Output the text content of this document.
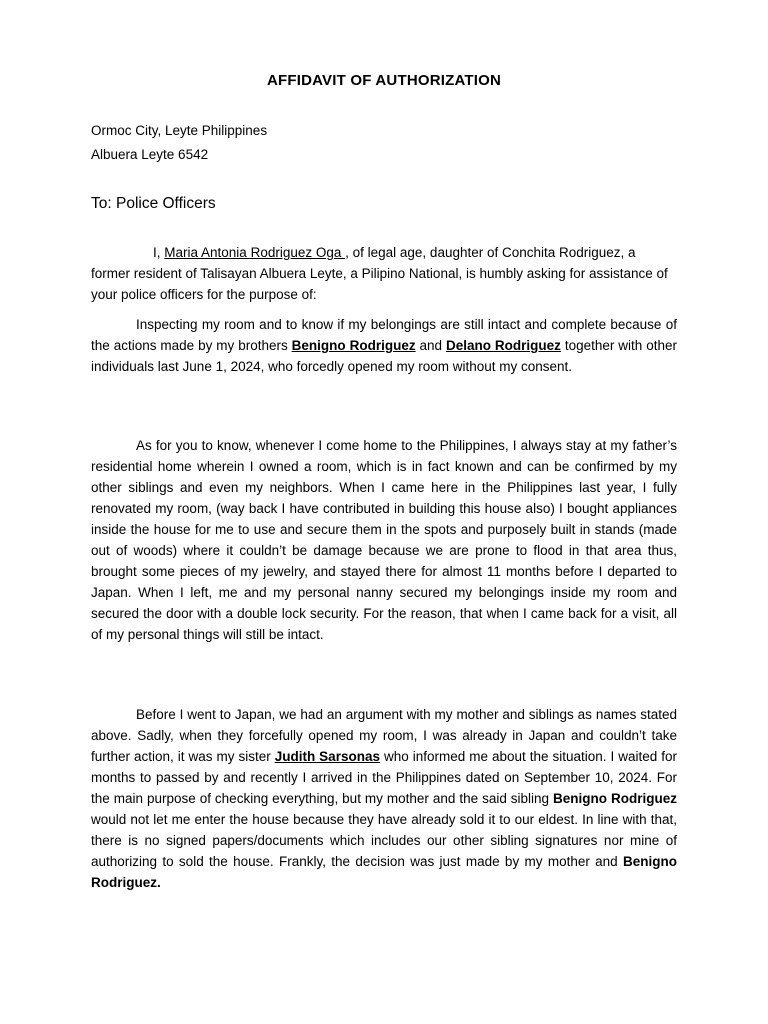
AFFIDAVIT OF AUTHORIZATION
Ormoc City, Leyte Philippines
Albuera Leyte 6542
To: Police Officers

I, Maria Antonia Rodriguez Oga , of legal age, daughter of Conchita Rodriguez, a former resident of Talisayan Albuera Leyte, a Pilipino National, is humbly asking for assistance of your police officers for the purpose of:

Inspecting my room and to know if my belongings are still intact and complete because of the actions made by my brothers Benigno Rodriguez and Delano Rodriguez together with other individuals last June 1, 2024, who forcedly opened my room without my consent.

As for you to know, whenever I come home to the Philippines, I always stay at my father’s residential home wherein I owned a room, which is in fact known and can be confirmed by my other siblings and even my neighbors. When I came here in the Philippines last year, I fully renovated my room, (way back I have contributed in building this house also) I bought appliances inside the house for me to use and secure them in the spots and purposely built in stands (made out of woods) where it couldn’t be damage because we are prone to flood in that area thus, brought some pieces of my jewelry, and stayed there for almost 11 months before I departed to Japan. When I left, me and my personal nanny secured my belongings inside my room and secured the door with a double lock security. For the reason, that when I came back for a visit, all of my personal things will still be intact.

Before I went to Japan, we had an argument with my mother and siblings as names stated above. Sadly, when they forcefully opened my room, I was already in Japan and couldn’t take further action, it was my sister Judith Sarsonas who informed me about the situation. I waited for months to passed by and recently I arrived in the Philippines dated on September 10, 2024. For the main purpose of checking everything, but my mother and the said sibling Benigno Rodriguez would not let me enter the house because they have already sold it to our eldest. In line with that, there is no signed papers/documents which includes our other sibling signatures nor mine of authorizing to sold the house. Frankly, the decision was just made by my mother and Benigno Rodriguez.
